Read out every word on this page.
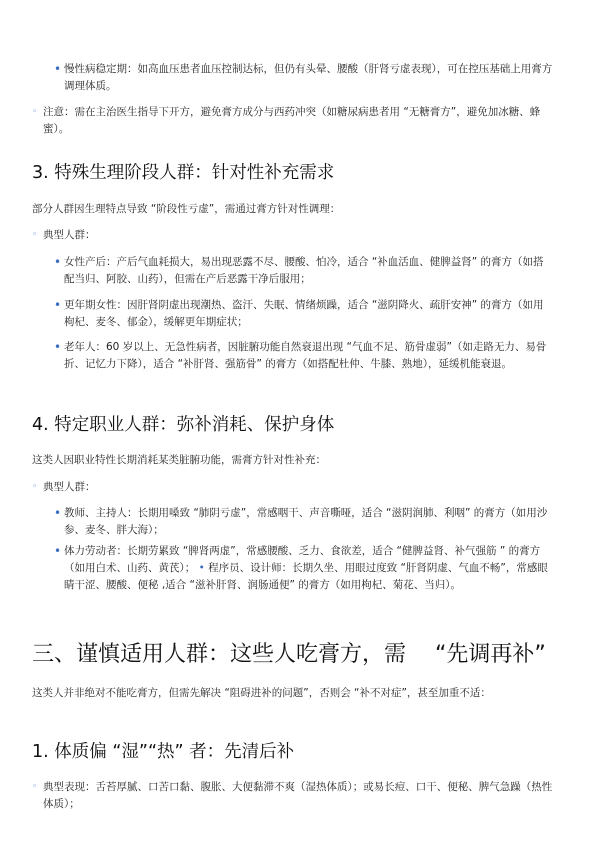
• 慢性病稳定期：如高血压患者血压控制达标，但仍有头晕、腰酸（肝肾亏虚表现），可在控压基础上用膏方调理体质。

◦ 注意：需在主治医生指导下开方，避免膏方成分与西药冲突（如糖尿病患者用 “无糖膏方”，避免加冰糖、蜂蜜）。

3. 特殊生理阶段人群：针对性补充需求

部分人群因生理特点导致 “阶段性亏虚”，需通过膏方针对性调理：

◦ 典型人群：

• 女性产后：产后气血耗损大，易出现恶露不尽、腰酸、怕冷，适合 “补血活血、健脾益肾” 的膏方（如搭配当归、阿胶、山药），但需在产后恶露干净后服用；

• 更年期女性：因肝肾阴虚出现潮热、盗汗、失眠、情绪烦躁，适合 “滋阴降火、疏肝安神” 的膏方（如用枸杞、麦冬、郁金），缓解更年期症状；

• 老年人：60 岁以上、无急性病者，因脏腑功能自然衰退出现 “气血不足、筋骨虚弱”（如走路无力、易骨折、记忆力下降），适合 “补肝肾、强筋骨” 的膏方（如搭配杜仲、牛膝、熟地），延缓机能衰退。

4. 特定职业人群：弥补消耗、保护身体

这类人因职业特性长期消耗某类脏腑功能，需膏方针对性补充：

◦ 典型人群：

• 教师、主持人：长期用嗓致 “肺阴亏虚”，常感咽干、声音嘶哑，适合 “滋阴润肺、利咽” 的膏方（如用沙参、麦冬、胖大海）；

• 体力劳动者：长期劳累致 “脾肾两虚”，常感腰酸、乏力、食欲差，适合 “健脾益肾、补气强筋 ” 的膏方（如用白术、山药、黄芪）； • 程序员、设计师：长期久坐、用眼过度致 “肝肾阴虚、气血不畅”，常感眼睛干涩、腰酸、便秘 ,适合 “滋补肝肾、润肠通便” 的膏方（如用枸杞、菊花、当归）。

三、谨慎适用人群：这些人吃膏方，需　 “先调再补”

这类人并非绝对不能吃膏方，但需先解决 “阻碍进补的问题”，否则会 “补不对症”，甚至加重不适：

1. 体质偏 “湿”“热” 者：先清后补
◦ 典型表现：舌苔厚腻、口苦口黏、腹胀、大便黏滞不爽（湿热体质）；或易长痘、口干、便秘、脾气急躁（热性体质）；
